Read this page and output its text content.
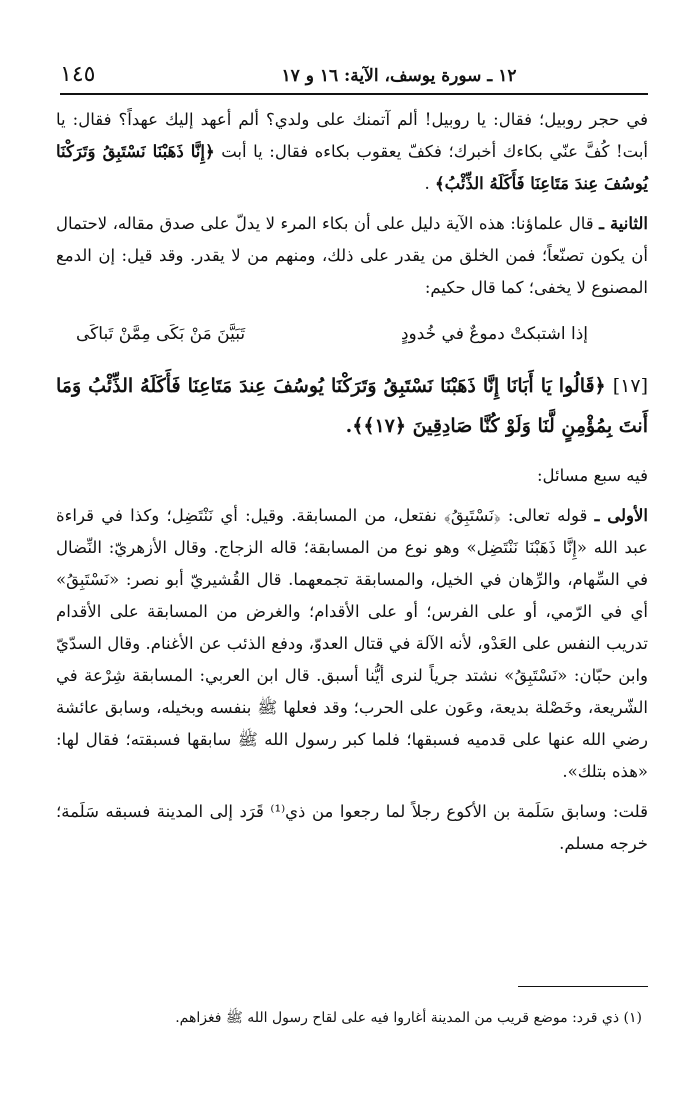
١٤٥	١٢ ـ سورة يوسف، الآية: ١٦ و ١٧

في حجر روبيل؛ فقال: يا روبيل! ألم آتمنك على ولدي؟ ألم أعهد إليك عهداً؟ فقال: يا أبت! كُفَّ عنّي بكاءك أخبرك؛ فكفّ يعقوب بكاءه فقال: يا أبت ﴿إِنَّا ذَهَبْنَا نَسْتَبِقُ وَتَرَكْنَا يُوسُفَ عِندَ مَتَاعِنَا فَأَكَلَهُ الذِّئْبُ﴾ .

الثانية ـ قال علماؤنا: هذه الآية دليل على أن بكاء المرء لا يدلّ على صدق مقاله، لاحتمال أن يكون تصنّعاً؛ فمن الخلق من يقدر على ذلك، ومنهم من لا يقدر. وقد قيل: إن الدمع المصنوع لا يخفى؛ كما قال حكيم:

إذا اشتبكتْ دموعٌ في خُدودٍ
تَبَيَّنَ مَنْ بَكَى مِمَّنْ تَباكَى

[١٧] ﴿قَالُوا يَا أَبَانَا إِنَّا ذَهَبْنَا نَسْتَبِقُ وَتَرَكْنَا يُوسُفَ عِندَ مَتَاعِنَا فَأَكَلَهُ الذِّئْبُ وَمَا أَنتَ بِمُؤْمِنٍ لَّنَا وَلَوْ كُنَّا صَادِقِينَ ﴿١٧﴾﴾.

فيه سبع مسائل:

الأولى ـ قوله تعالى: ﴿نَسْتَبِقُ﴾ نفتعل، من المسابقة. وقيل: أي نَنْتَضِل؛ وكذا في قراءة عبد الله «إِنَّا ذَهَبْنَا نَنْتَضِل» وهو نوع من المسابقة؛ قاله الزجاج. وقال الأزهريّ: النِّضال في السِّهام، والرِّهان في الخيل، والمسابقة تجمعهما. قال القُشيريّ أبو نصر: «نَسْتَبِقُ» أي في الرّمي، أو على الفرس؛ أو على الأقدام؛ والغرض من المسابقة على الأقدام تدريب النفس على العَدْو، لأنه الآلة في قتال العدوّ، ودفع الذئب عن الأغنام. وقال السدّيّ وابن حبّان: «نَسْتَبِقُ» نشتد جرياً لنرى أيُّنا أسبق. قال ابن العربي: المسابقة شِرْعة في الشّريعة، وخَصْلة بديعة، وعَون على الحرب؛ وقد فعلها ﷺ بنفسه وبخيله، وسابق عائشة رضي الله عنها على قدميه فسبقها؛ فلما كبر رسول الله ﷺ سابقها فسبقته؛ فقال لها: «هذه بتلك».

قلت: وسابق سَلَمة بن الأكوع رجلاً لما رجعوا من ذي⁽¹⁾ قَرَد إلى المدينة فسبقه سَلَمة؛ خرجه مسلم.

(١) ذي قرد: موضع قريب من المدينة أغاروا فيه على لقاح رسول الله ﷺ فغزاهم.
